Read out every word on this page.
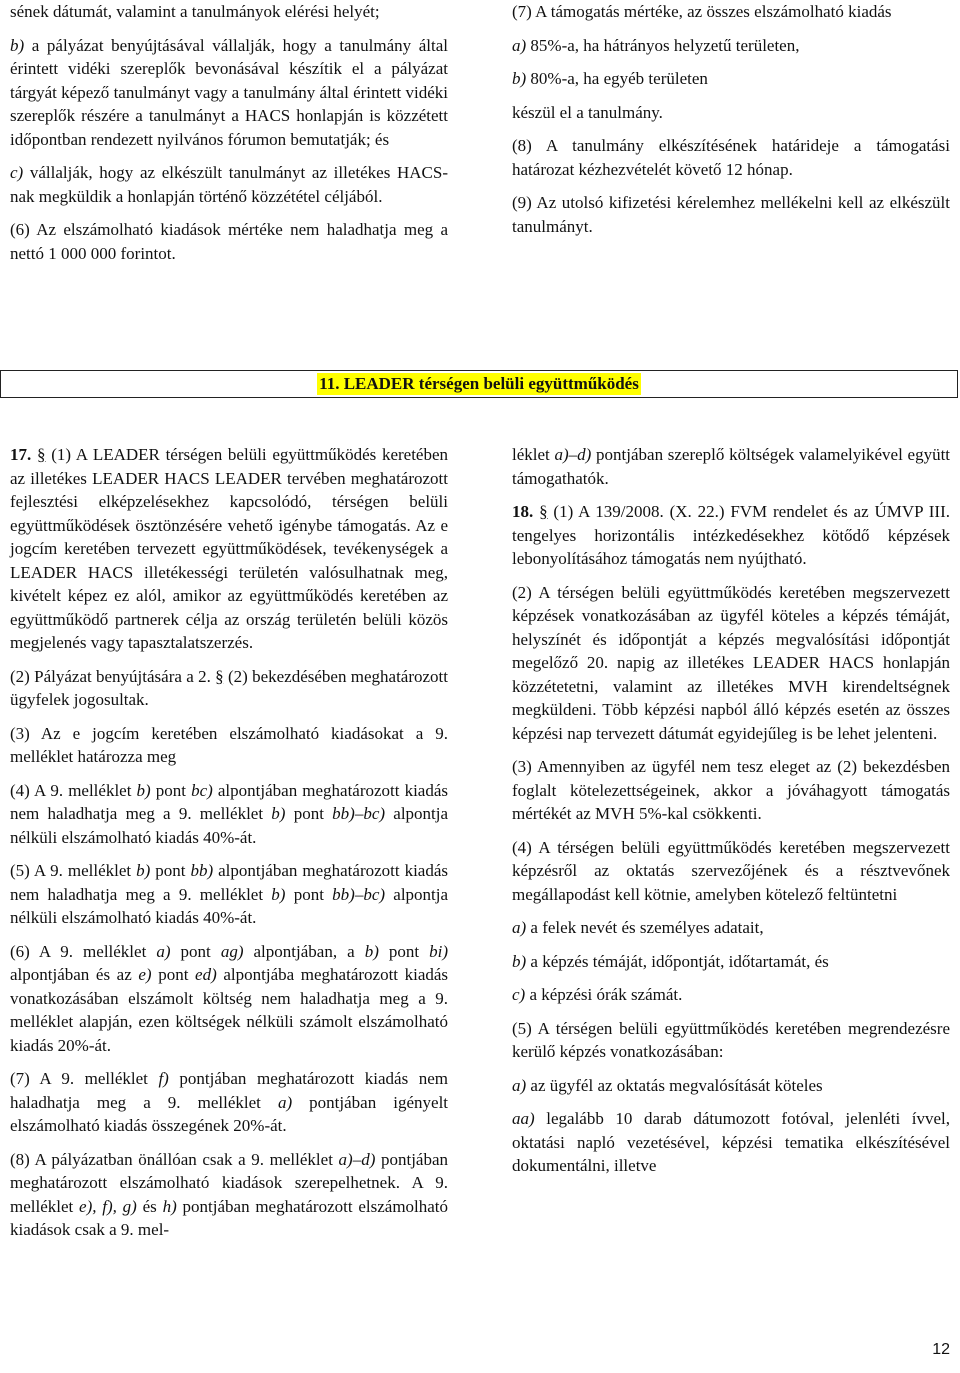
sének dátumát, valamint a tanulmányok elérési helyét;

b) a pályázat benyújtásával vállalják, hogy a tanulmány által érintett vidéki szereplők bevonásával készítik el a pályázat tárgyát képező tanulmányt vagy a tanulmány által érintett vidéki szereplők részére a tanulmányt a HACS honlapján is közzétett időpontban rendezett nyilvános fórumon bemutatják; és

c) vállalják, hogy az elkészült tanulmányt az illetékes HACS-nak megküldik a honlapján történő közzététel céljából.

(6) Az elszámolható kiadások mértéke nem haladhatja meg a nettó 1 000 000 forintot.

(7) A támogatás mértéke, az összes elszámolható kiadás

a) 85%-a, ha hátrányos helyzetű területen,

b) 80%-a, ha egyéb területen

készül el a tanulmány.

(8) A tanulmány elkészítésének határideje a támogatási határozat kézhezvételét követő 12 hónap.

(9) Az utolsó kifizetési kérelemhez mellékelni kell az elkészült tanulmányt.

11. LEADER térségen belüli együttműködés

17. § (1) A LEADER térségen belüli együttműködés keretében az illetékes LEADER HACS LEADER tervében meghatározott fejlesztési elképzelésekhez kapcsolódó, térségen belüli együttműködések ösztönzésére vehető igénybe támogatás. Az e jogcím keretében tervezett együttműködések, tevékenységek a LEADER HACS illetékességi területén valósulhatnak meg, kivételt képez ez alól, amikor az együttműködés keretében az együttműködő partnerek célja az ország területén belüli közös megjelenés vagy tapasztalatszerzés.

(2) Pályázat benyújtására a 2. § (2) bekezdésében meghatározott ügyfelek jogosultak.

(3) Az e jogcím keretében elszámolható kiadásokat a 9. melléklet határozza meg

(4) A 9. melléklet b) pont bc) alpontjában meghatározott kiadás nem haladhatja meg a 9. melléklet b) pont bb)–bc) alpontja nélküli elszámolható kiadás 40%-át.

(5) A 9. melléklet b) pont bb) alpontjában meghatározott kiadás nem haladhatja meg a 9. melléklet b) pont bb)–bc) alpontja nélküli elszámolható kiadás 40%-át.

(6) A 9. melléklet a) pont ag) alpontjában, a b) pont bi) alpontjában és az e) pont ed) alpontjába meghatározott kiadás vonatkozásában elszámolt költség nem haladhatja meg a 9. melléklet alapján, ezen költségek nélküli számolt elszámolható kiadás 20%-át.

(7) A 9. melléklet f) pontjában meghatározott kiadás nem haladhatja meg a 9. melléklet a) pontjában igényelt elszámolható kiadás összegének 20%-át.

(8) A pályázatban önállóan csak a 9. melléklet a)–d) pontjában meghatározott elszámolható kiadások szerepelhetnek. A 9. melléklet e), f), g) és h) pontjában meghatározott elszámolható kiadások csak a 9. mel-

léklet a)–d) pontjában szereplő költségek valamelyikével együtt támogathatók.

18. § (1) A 139/2008. (X. 22.) FVM rendelet és az ÚMVP III. tengelyes horizontális intézkedésekhez kötődő képzések lebonyolításához támogatás nem nyújtható.

(2) A térségen belüli együttműködés keretében megszervezett képzések vonatkozásában az ügyfél köteles a képzés témáját, helyszínét és időpontját a képzés megvalósítási időpontját megelőző 20. napig az illetékes LEADER HACS honlapján közzétetetni, valamint az illetékes MVH kirendeltségnek megküldeni. Több képzési napból álló képzés esetén az összes képzési nap tervezett dátumát egyidejűleg is be lehet jelenteni.

(3) Amennyiben az ügyfél nem tesz eleget az (2) bekezdésben foglalt kötelezettségeinek, akkor a jóváhagyott támogatás mértékét az MVH 5%-kal csökkenti.

(4) A térségen belüli együttműködés keretében megszervezett képzésről az oktatás szervezőjének és a résztvevőnek megállapodást kell kötnie, amelyben kötelező feltüntetni

a) a felek nevét és személyes adatait,

b) a képzés témáját, időpontját, időtartamát, és

c) a képzési órák számát.

(5) A térségen belüli együttműködés keretében megrendezésre kerülő képzés vonatkozásában:

a) az ügyfél az oktatás megvalósítását köteles

aa) legalább 10 darab dátumozott fotóval, jelenléti ívvel, oktatási napló vezetésével, képzési tematika elkészítésével dokumentálni, illetve

12
